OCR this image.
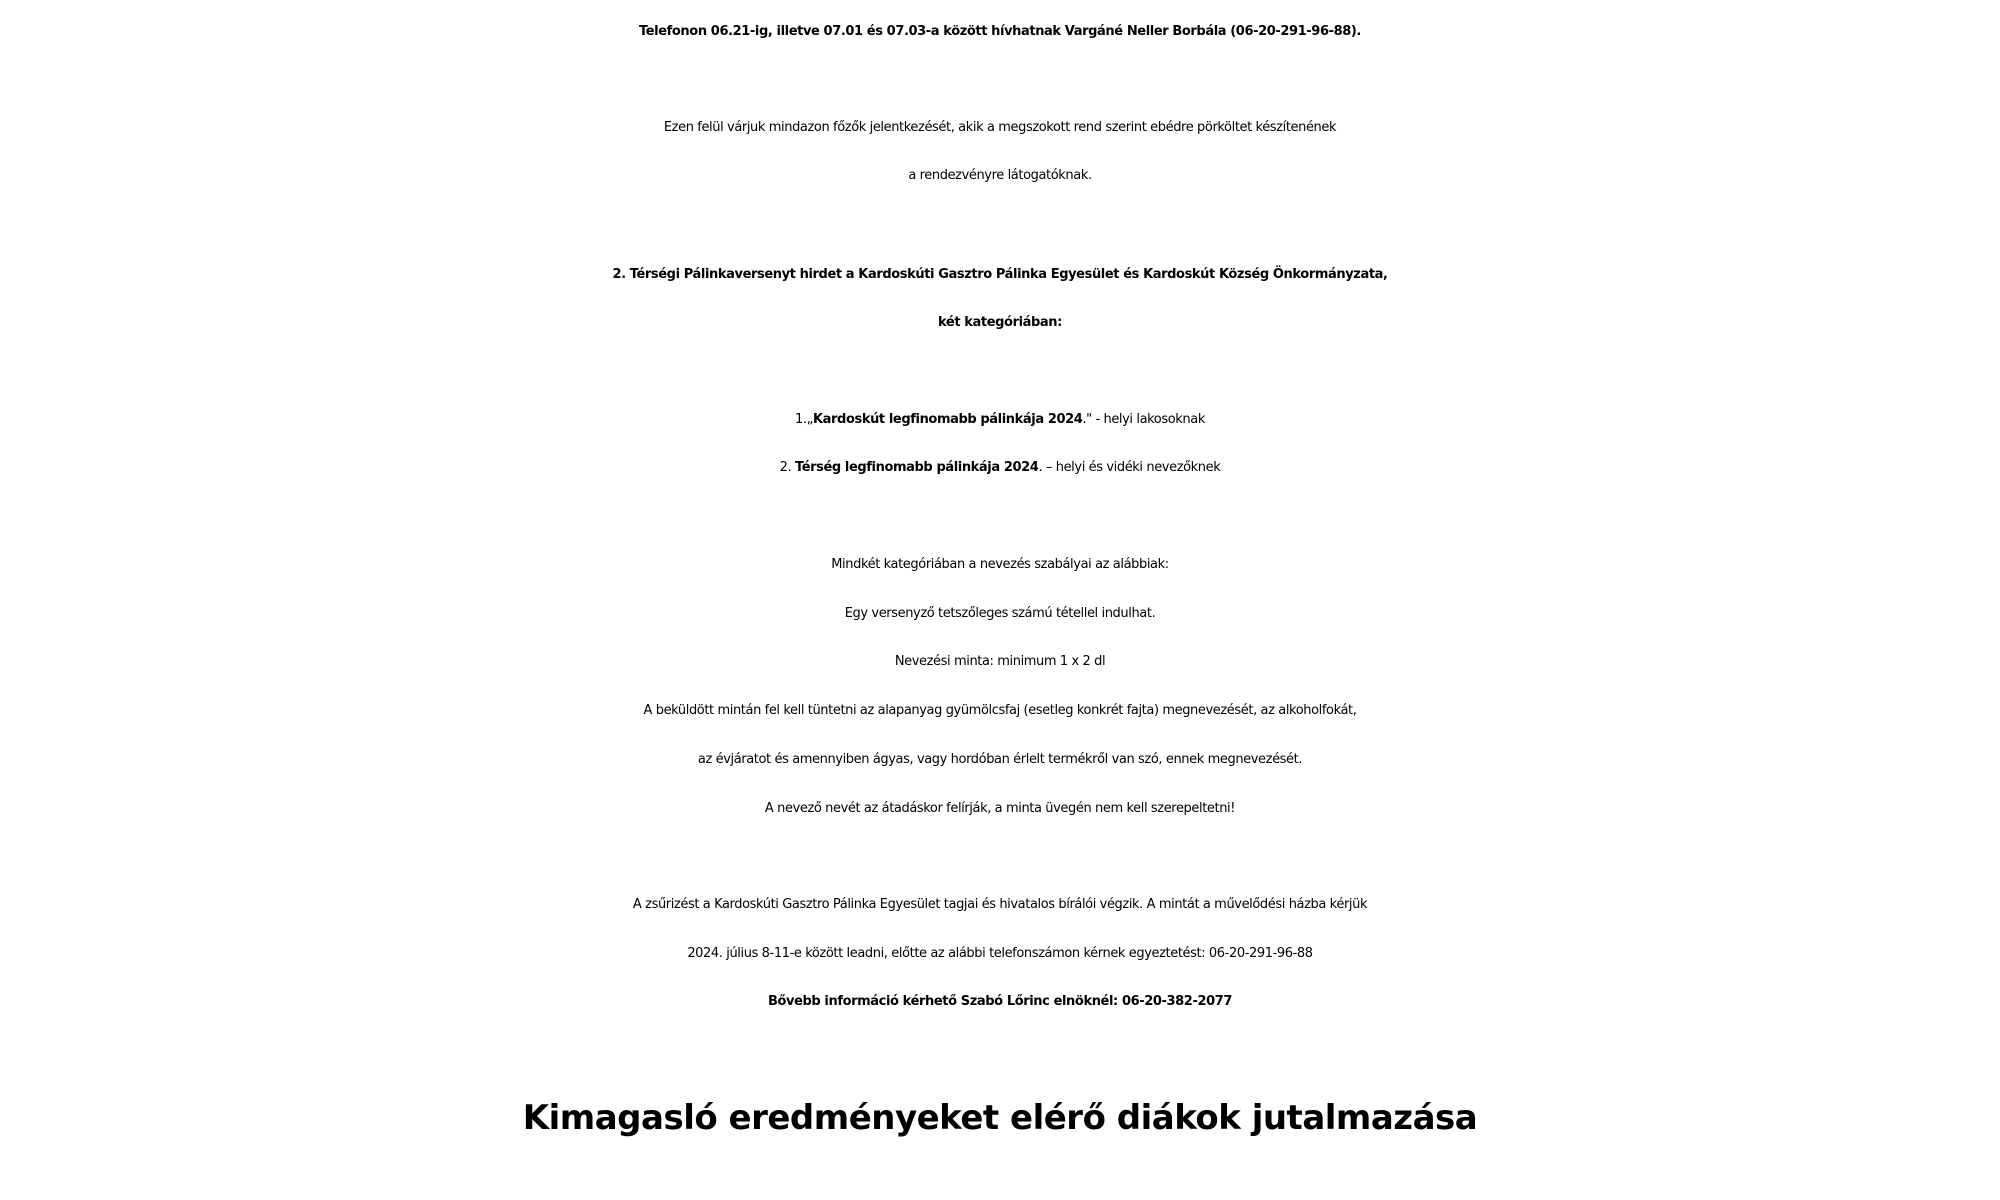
Telefonon 06.21-ig, illetve 07.01 és 07.03-a között hívhatnak Vargáné Neller Borbála (06-20-291-96-88).
Ezen felül várjuk mindazon főzők jelentkezését, akik a megszokott rend szerint ebédre pörköltet készítenének
a rendezvényre látogatóknak.
2. Térségi Pálinkaversenyt hirdet a Kardoskúti Gasztro Pálinka Egyesület és Kardoskút Község Önkormányzata,
két kategóriában:
1.„Kardoskút legfinomabb pálinkája 2024." - helyi lakosoknak
2. Térség legfinomabb pálinkája 2024. – helyi és vidéki nevezőknek
Mindkét kategóriában a nevezés szabályai az alábbiak:
Egy versenyző tetszőleges számú tétellel indulhat.
Nevezési minta: minimum 1 x 2 dl
A beküldött mintán fel kell tüntetni az alapanyag gyümölcsfaj (esetleg konkrét fajta) megnevezését, az alkoholfokát,
az évjáratot és amennyiben ágyas, vagy hordóban érlelt termékről van szó, ennek megnevezését.
A nevező nevét az átadáskor felírják, a minta üvegén nem kell szerepeltetni!
A zsűrizést a Kardoskúti Gasztro Pálinka Egyesület tagjai és hivatalos bírálói végzik. A mintát a művelődési házba kérjük
2024. július 8-11-e között leadni, előtte az alábbi telefonszámon kérnek egyeztetést: 06-20-291-96-88
Bővebb információ kérhető Szabó Lőrinc elnöknél: 06-20-382-2077
Kimagasló eredményeket elérő diákok jutalmazása
